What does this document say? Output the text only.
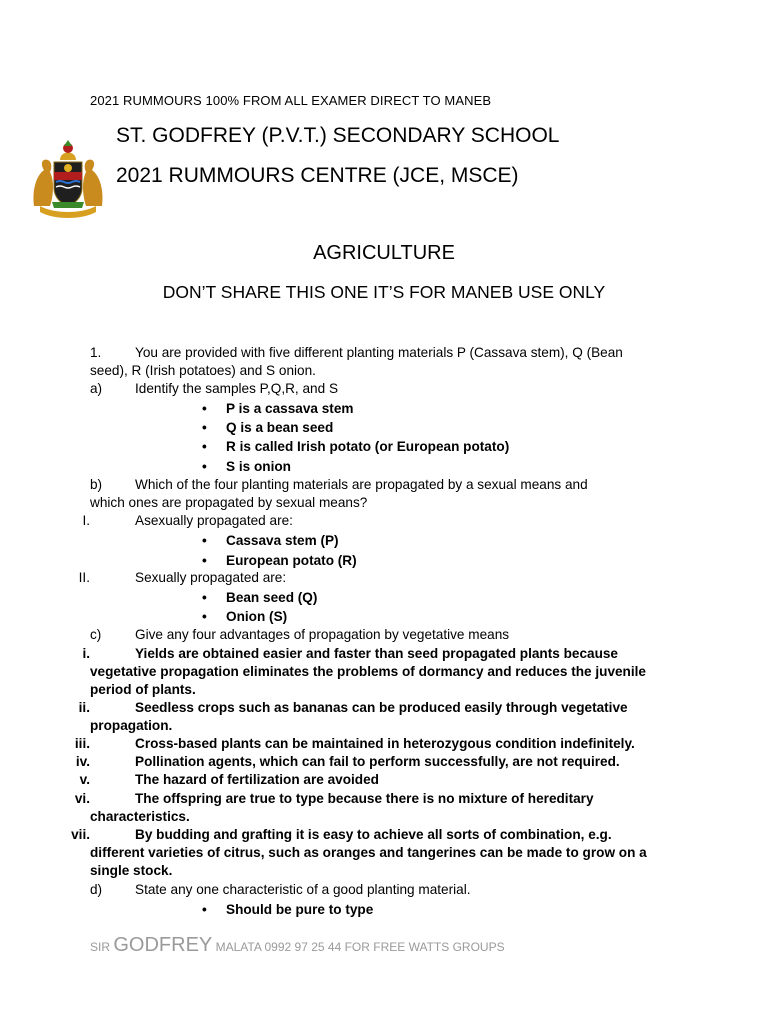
2021 RUMMOURS 100% FROM ALL EXAMER DIRECT TO MANEB
ST. GODFREY (P.V.T.) SECONDARY SCHOOL
2021 RUMMOURS CENTRE (JCE, MSCE)
AGRICULTURE
DON’T SHARE THIS ONE IT’S FOR MANEB USE ONLY
1. You are provided with five different planting materials P (Cassava stem), Q (Bean
seed), R (Irish potatoes) and S onion.
a) Identify the samples P,Q,R, and S
• P is a cassava stem
• Q is a bean seed
• R is called Irish potato (or European potato)
• S is onion
b) Which of the four planting materials are propagated by a sexual means and
which ones are propagated by sexual means?
I.	Asexually propagated are:
• Cassava stem (P)
• European potato (R)
II.	Sexually propagated are:
• Bean seed (Q)
• Onion (S)
c) Give any four advantages of propagation by vegetative means
i.	Yields are obtained easier and faster than seed propagated plants because
vegetative propagation eliminates the problems of dormancy and reduces the juvenile
period of plants.
ii.	Seedless crops such as bananas can be produced easily through vegetative
propagation.
iii.	Cross-based plants can be maintained in heterozygous condition indefinitely.
iv.	Pollination agents, which can fail to perform successfully, are not required.
v.	The hazard of fertilization are avoided
vi.	The offspring are true to type because there is no mixture of hereditary
characteristics.
vii.	By budding and grafting it is easy to achieve all sorts of combination, e.g.
different varieties of citrus, such as oranges and tangerines can be made to grow on a
single stock.
d) State any one characteristic of a good planting material.
• Should be pure to type
SIR GODFREY MALATA 0992 97 25 44 FOR FREE WATTS GROUPS
